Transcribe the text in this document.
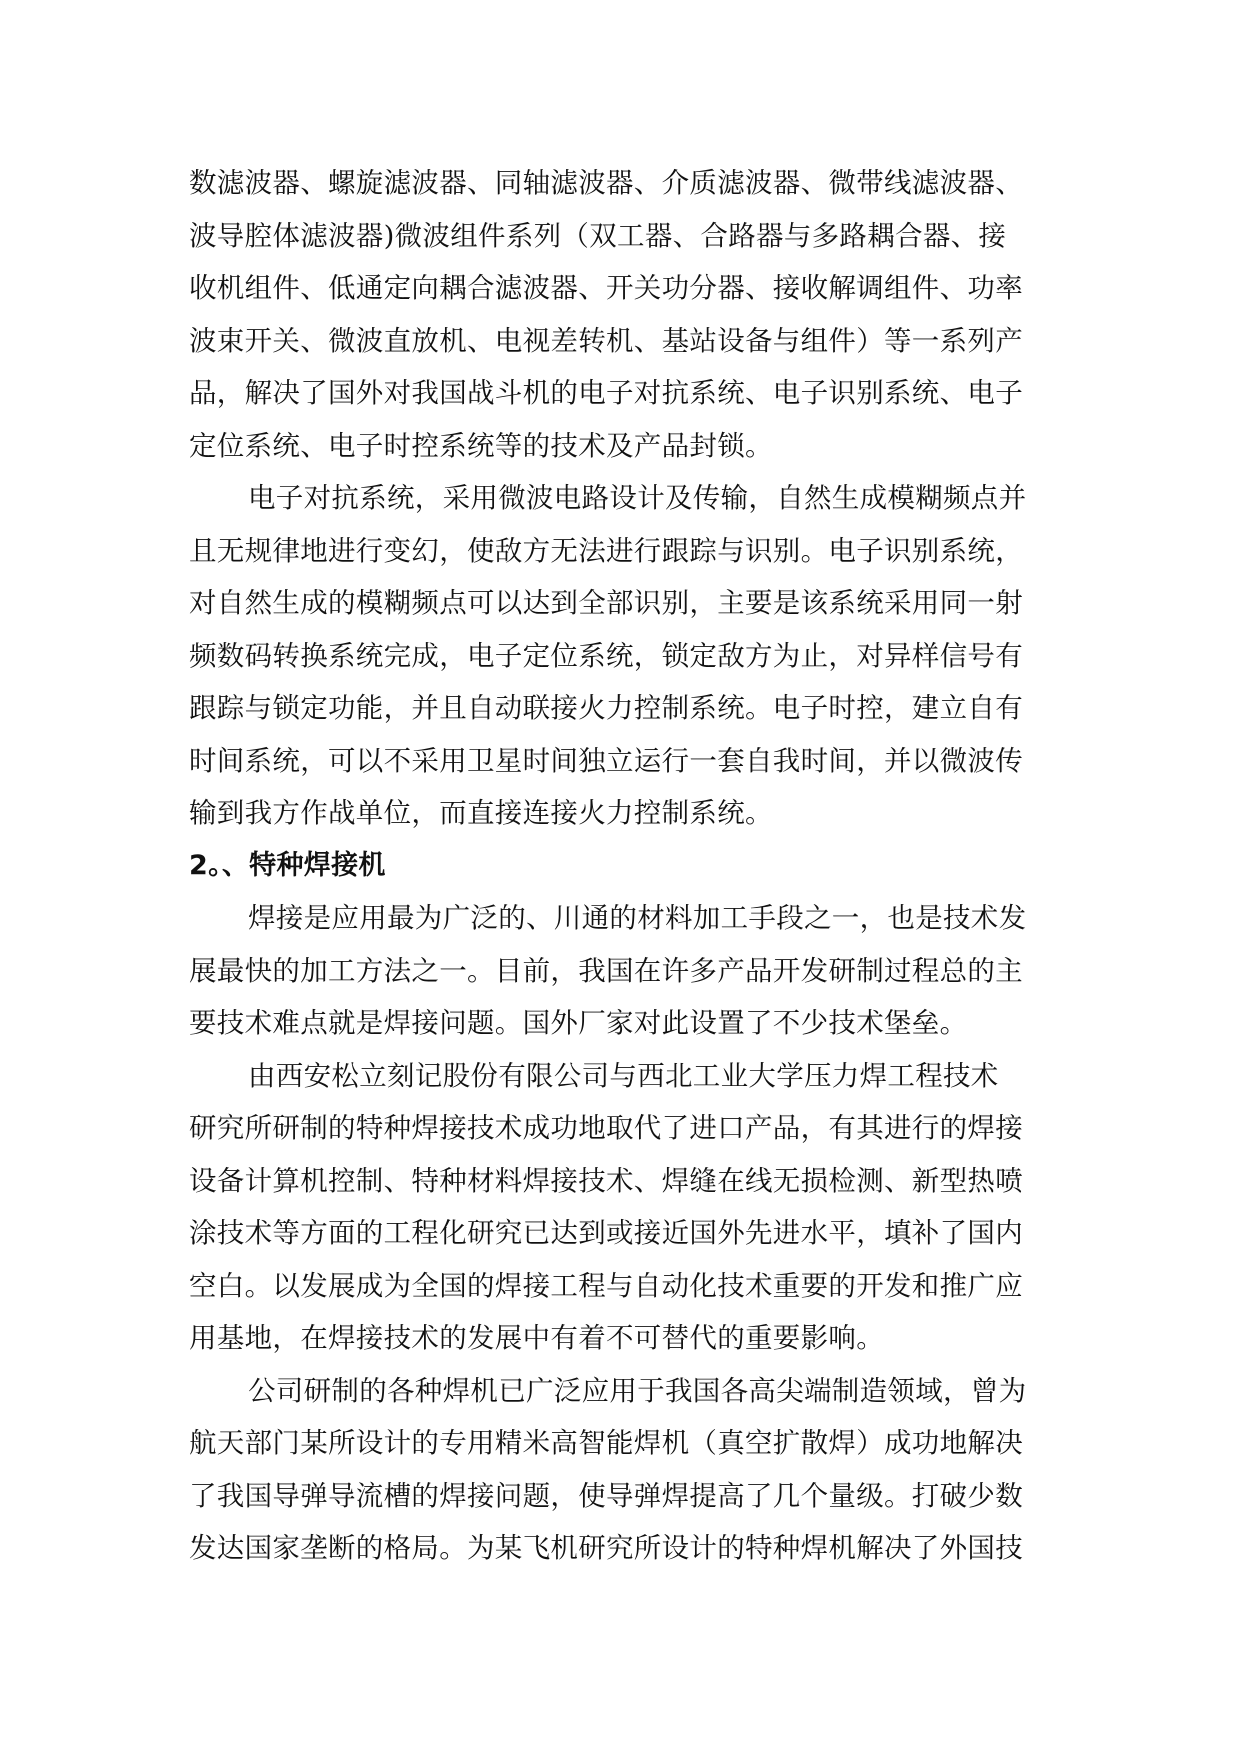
数滤波器、螺旋滤波器、同轴滤波器、介质滤波器、微带线滤波器、
波导腔体滤波器)微波组件系列（双工器、合路器与多路耦合器、接
收机组件、低通定向耦合滤波器、开关功分器、接收解调组件、功率
波束开关、微波直放机、电视差转机、基站设备与组件）等一系列产
品，解决了国外对我国战斗机的电子对抗系统、电子识别系统、电子
定位系统、电子时控系统等的技术及产品封锁。
电子对抗系统，采用微波电路设计及传输，自然生成模糊频点并
且无规律地进行变幻，使敌方无法进行跟踪与识别。电子识别系统，
对自然生成的模糊频点可以达到全部识别，主要是该系统采用同一射
频数码转换系统完成，电子定位系统，锁定敌方为止，对异样信号有
跟踪与锁定功能，并且自动联接火力控制系统。电子时控，建立自有
时间系统，可以不采用卫星时间独立运行一套自我时间，并以微波传
输到我方作战单位，而直接连接火力控制系统。
2。、特种焊接机
焊接是应用最为广泛的、川通的材料加工手段之一，也是技术发
展最快的加工方法之一。目前，我国在许多产品开发研制过程总的主
要技术难点就是焊接问题。国外厂家对此设置了不少技术堡垒。
由西安松立刻记股份有限公司与西北工业大学压力焊工程技术
研究所研制的特种焊接技术成功地取代了进口产品，有其进行的焊接
设备计算机控制、特种材料焊接技术、焊缝在线无损检测、新型热喷
涂技术等方面的工程化研究已达到或接近国外先进水平，填补了国内
空白。以发展成为全国的焊接工程与自动化技术重要的开发和推广应
用基地，在焊接技术的发展中有着不可替代的重要影响。
公司研制的各种焊机已广泛应用于我国各高尖端制造领域，曾为
航天部门某所设计的专用精米高智能焊机（真空扩散焊）成功地解决
了我国导弹导流槽的焊接问题，使导弹焊提高了几个量级。打破少数
发达国家垄断的格局。为某飞机研究所设计的特种焊机解决了外国技
